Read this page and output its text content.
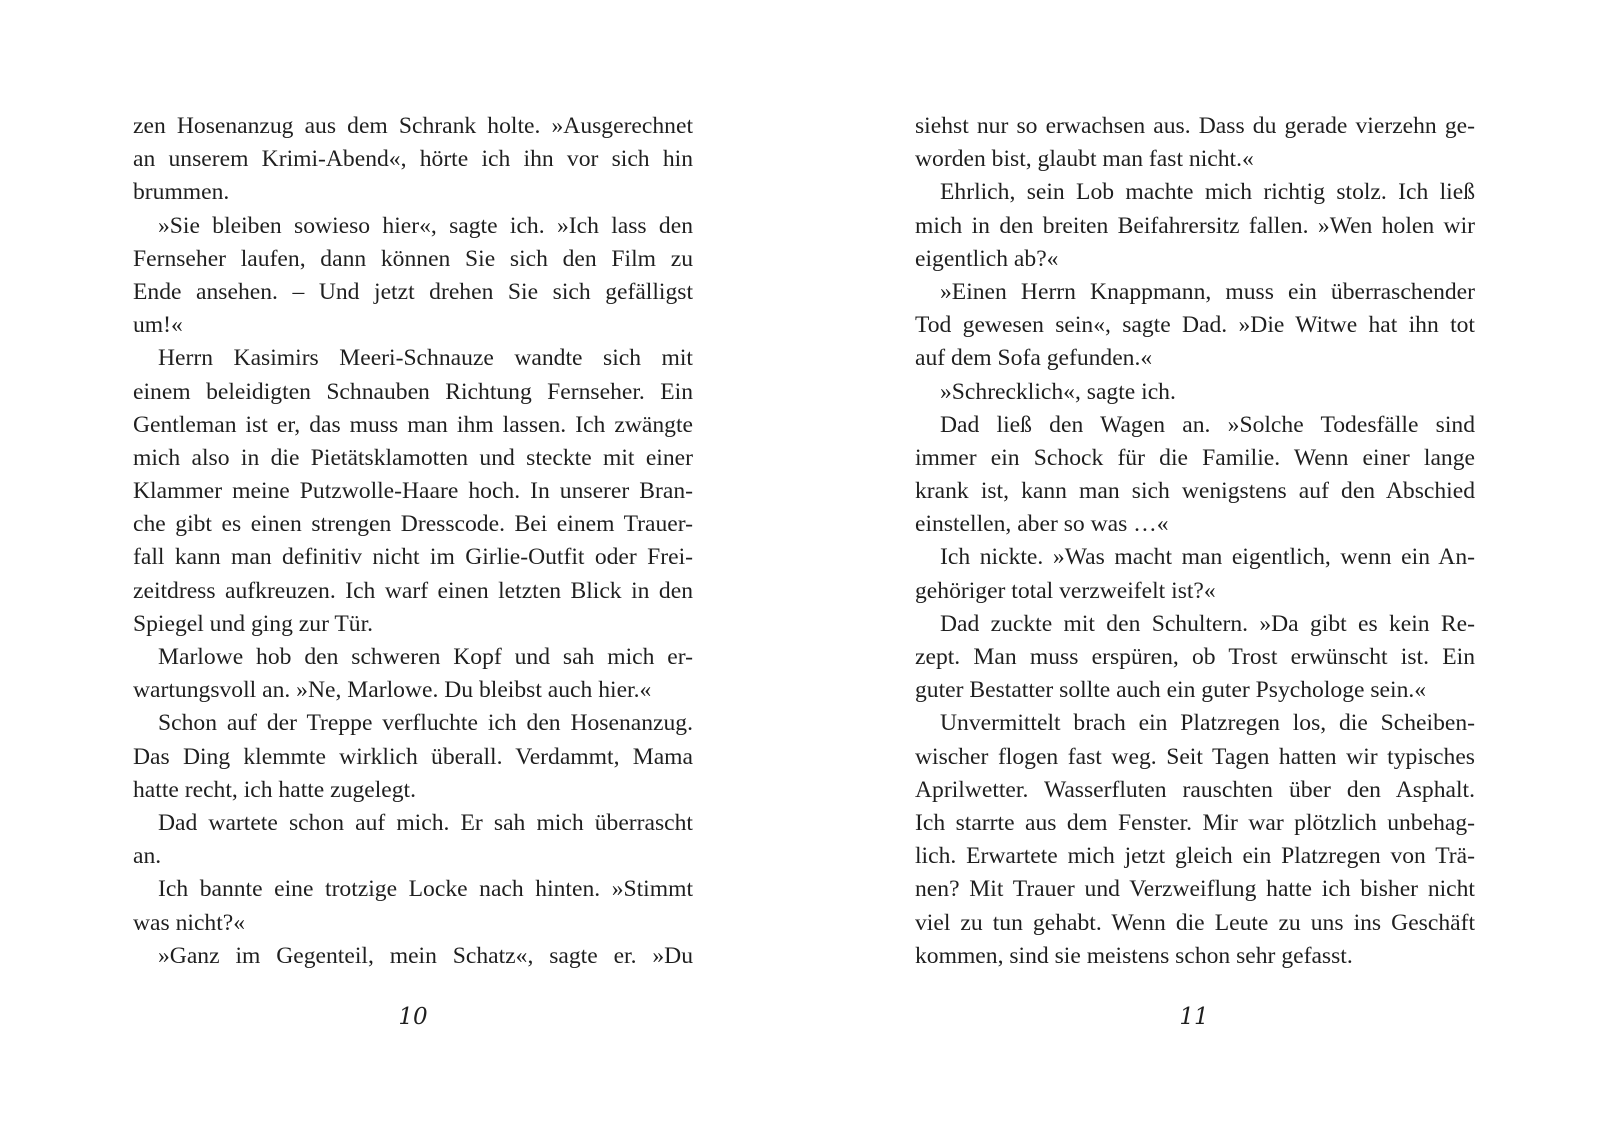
zen Hosenanzug aus dem Schrank holte. »Ausgerechnet
an unserem Krimi-Abend«, hörte ich ihn vor sich hin
brummen.
»Sie bleiben sowieso hier«, sagte ich. »Ich lass den
Fernseher laufen, dann können Sie sich den Film zu
Ende ansehen. – Und jetzt drehen Sie sich gefälligst
um!«
Herrn Kasimirs Meeri-Schnauze wandte sich mit
einem beleidigten Schnauben Richtung Fernseher. Ein
Gentleman ist er, das muss man ihm lassen. Ich zwängte
mich also in die Pietätsklamotten und steckte mit einer
Klammer meine Putzwolle-Haare hoch. In unserer Bran-
che gibt es einen strengen Dresscode. Bei einem Trauer-
fall kann man definitiv nicht im Girlie-Outfit oder Frei-
zeitdress aufkreuzen. Ich warf einen letzten Blick in den
Spiegel und ging zur Tür.
Marlowe hob den schweren Kopf und sah mich er-
wartungsvoll an. »Ne, Marlowe. Du bleibst auch hier.«
Schon auf der Treppe verfluchte ich den Hosenanzug.
Das Ding klemmte wirklich überall. Verdammt, Mama
hatte recht, ich hatte zugelegt.
Dad wartete schon auf mich. Er sah mich überrascht
an.
Ich bannte eine trotzige Locke nach hinten. »Stimmt
was nicht?«
»Ganz im Gegenteil, mein Schatz«, sagte er. »Du
10
siehst nur so erwachsen aus. Dass du gerade vierzehn ge-
worden bist, glaubt man fast nicht.«
Ehrlich, sein Lob machte mich richtig stolz. Ich ließ
mich in den breiten Beifahrersitz fallen. »Wen holen wir
eigentlich ab?«
»Einen Herrn Knappmann, muss ein überraschender
Tod gewesen sein«, sagte Dad. »Die Witwe hat ihn tot
auf dem Sofa gefunden.«
»Schrecklich«, sagte ich.
Dad ließ den Wagen an. »Solche Todesfälle sind
immer ein Schock für die Familie. Wenn einer lange
krank ist, kann man sich wenigstens auf den Abschied
einstellen, aber so was …«
Ich nickte. »Was macht man eigentlich, wenn ein An-
gehöriger total verzweifelt ist?«
Dad zuckte mit den Schultern. »Da gibt es kein Re-
zept. Man muss erspüren, ob Trost erwünscht ist. Ein
guter Bestatter sollte auch ein guter Psychologe sein.«
Unvermittelt brach ein Platzregen los, die Scheiben-
wischer flogen fast weg. Seit Tagen hatten wir typisches
Aprilwetter. Wasserfluten rauschten über den Asphalt.
Ich starrte aus dem Fenster. Mir war plötzlich unbehag-
lich. Erwartete mich jetzt gleich ein Platzregen von Trä-
nen? Mit Trauer und Verzweiflung hatte ich bisher nicht
viel zu tun gehabt. Wenn die Leute zu uns ins Geschäft
kommen, sind sie meistens schon sehr gefasst.
11
